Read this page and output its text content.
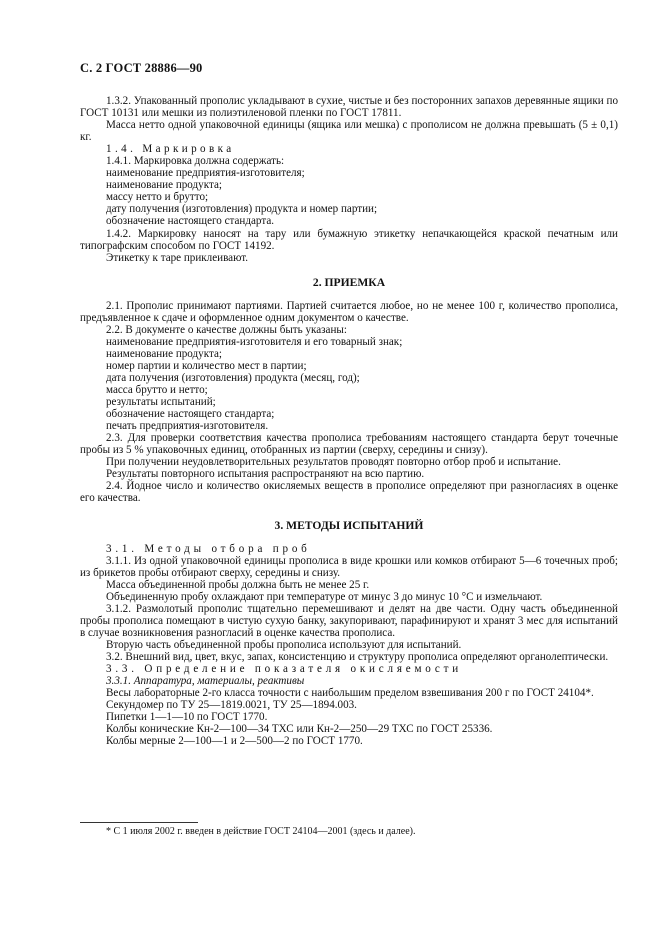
С. 2 ГОСТ 28886—90

1.3.2. Упакованный прополис укладывают в сухие, чистые и без посторонних запахов деревянные ящики по ГОСТ 10131 или мешки из полиэтиленовой пленки по ГОСТ 17811.

Масса нетто одной упаковочной единицы (ящика или мешка) с прополисом не должна превышать (5 ± 0,1) кг.

1.4. Маркировка

1.4.1. Маркировка должна содержать:

наименование предприятия-изготовителя;

наименование продукта;

массу нетто и брутто;

дату получения (изготовления) продукта и номер партии;

обозначение настоящего стандарта.

1.4.2. Маркировку наносят на тару или бумажную этикетку непачкающейся краской печатным или типографским способом по ГОСТ 14192.

Этикетку к таре приклеивают.

2. ПРИЕМКА

2.1. Прополис принимают партиями. Партией считается любое, но не менее 100 г, количество прополиса, предъявленное к сдаче и оформленное одним документом о качестве.

2.2. В документе о качестве должны быть указаны:

наименование предприятия-изготовителя и его товарный знак;

наименование продукта;

номер партии и количество мест в партии;

дата получения (изготовления) продукта (месяц, год);

масса брутто и нетто;

результаты испытаний;

обозначение настоящего стандарта;

печать предприятия-изготовителя.

2.3. Для проверки соответствия качества прополиса требованиям настоящего стандарта берут точечные пробы из 5 % упаковочных единиц, отобранных из партии (сверху, середины и снизу).

При получении неудовлетворительных результатов проводят повторно отбор проб и испытание.

Результаты повторного испытания распространяют на всю партию.

2.4. Йодное число и количество окисляемых веществ в прополисе определяют при разногласиях в оценке его качества.

3. МЕТОДЫ ИСПЫТАНИЙ

3.1. Методы отбора проб

3.1.1. Из одной упаковочной единицы прополиса в виде крошки или комков отбирают 5—6 точечных проб; из брикетов пробы отбирают сверху, середины и снизу.

Масса объединенной пробы должна быть не менее 25 г.

Объединенную пробу охлаждают при температуре от минус 3 до минус 10 °С и измельчают.

3.1.2. Размолотый прополис тщательно перемешивают и делят на две части. Одну часть объединенной пробы прополиса помещают в чистую сухую банку, закупоривают, парафинируют и хранят 3 мес для испытаний в случае возникновения разногласий в оценке качества прополиса.

Вторую часть объединенной пробы прополиса используют для испытаний.

3.2. Внешний вид, цвет, вкус, запах, консистенцию и структуру прополиса определяют органолептически.

3.3. Определение показателя окисляемости

3.3.1. Аппаратура, материалы, реактивы

Весы лабораторные 2-го класса точности с наибольшим пределом взвешивания 200 г по ГОСТ 24104*.

Секундомер по ТУ 25—1819.0021, ТУ 25—1894.003.

Пипетки 1—1—10 по ГОСТ 1770.

Колбы конические Кн-2—100—34 ТХС или Кн-2—250—29 ТХС по ГОСТ 25336.

Колбы мерные 2—100—1 и 2—500—2 по ГОСТ 1770.

* С 1 июля 2002 г. введен в действие ГОСТ 24104—2001 (здесь и далее).
